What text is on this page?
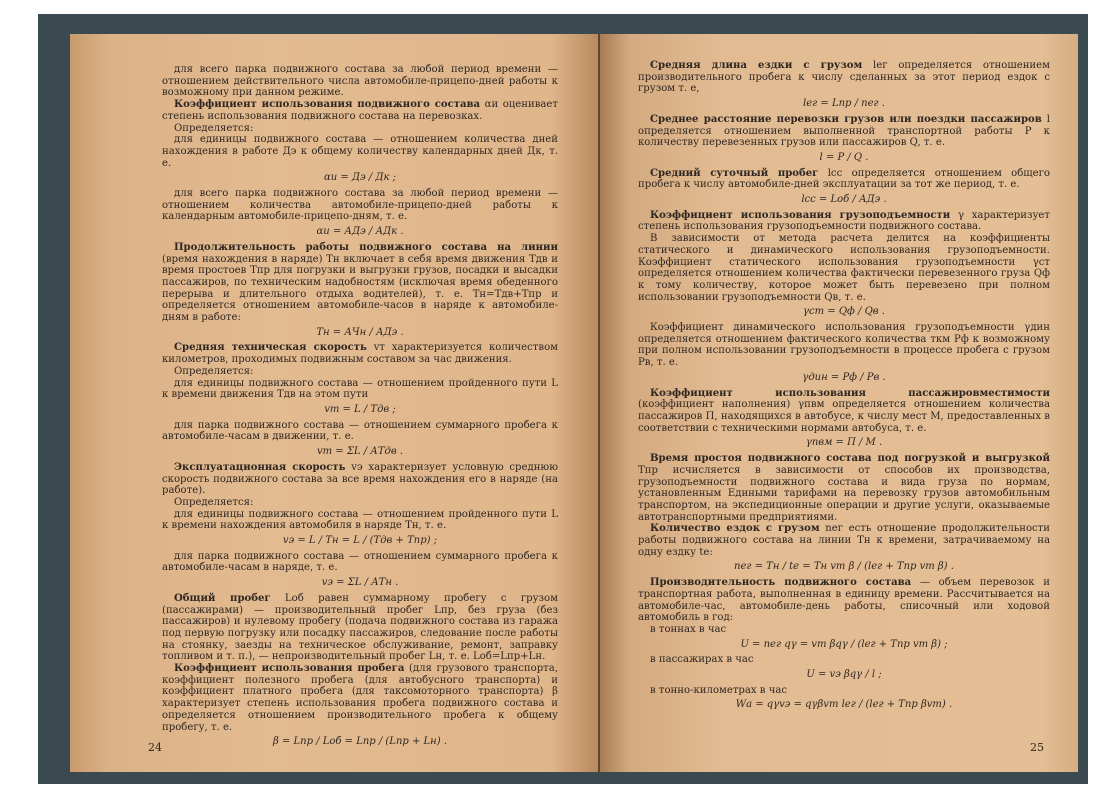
для всего парка подвижного состава за любой период времени — отношением действительного числа автомобиле-прицепо-дней работы к возможному при данном режиме.

Коэффициент использования подвижного состава αи оценивает степень использования подвижного состава на перевозках.

Определяется:

для единицы подвижного состава — отношением количества дней нахождения в работе Дэ к общему количеству календарных дней Дк, т. е.

αи = Дэ / Дк ;

для всего парка подвижного состава за любой период времени — отношением количества автомобиле-прицепо-дней работы к календарным автомобиле-прицепо-дням, т. е.

αи = АДэ / АДк .

Продолжительность работы подвижного состава на линии (время нахождения в наряде) Тн включает в себя время движения Тдв и время простоев Тпр для погрузки и выгрузки грузов, посадки и высадки пассажиров, по техническим надобностям (исключая время обеденного перерыва и длительного отдыха водителей), т. е. Тн=Тдв+Тпр и определяется отношением автомобиле-часов в наряде к автомобиле-дням в работе:

Тн = АЧн / АДэ .

Средняя техническая скорость vт характеризуется количеством километров, проходимых подвижным составом за час движения.

Определяется:

для единицы подвижного состава — отношением пройденного пути L к времени движения Тдв на этом пути

vт = L / Тдв ;

для парка подвижного состава — отношением суммарного пробега к автомобиле-часам в движении, т. е.

vт = ΣL / АТдв .

Эксплуатационная скорость vэ характеризует условную среднюю скорость подвижного состава за все время нахождения его в наряде (на работе).

Определяется:

для единицы подвижного состава — отношением пройденного пути L к времени нахождения автомобиля в наряде Тн, т. е.

vэ = L / Тн = L / (Тдв + Тпр) ;

для парка подвижного состава — отношением суммарного пробега к автомобиле-часам в наряде, т. е.

vэ = ΣL / АТн .

Общий пробег Lоб равен суммарному пробегу с грузом (пассажирами) — производительный пробег Lпр, без груза (без пассажиров) и нулевому пробегу (подача подвижного состава из гаража под первую погрузку или посадку пассажиров, следование после работы на стоянку, заезды на техническое обслуживание, ремонт, заправку топливом и т. п.), — непроизводительный пробег Lн, т. е. Lоб=Lпр+Lн.

Коэффициент использования пробега (для грузового транспорта, коэффициент полезного пробега (для автобусного транспорта) и коэффициент платного пробега (для таксомоторного транспорта) β характеризует степень использования пробега подвижного состава и определяется отношением производительного пробега к общему пробегу, т. е.

β = Lпр / Lоб = Lпр / (Lпр + Lн) .
24

Средняя длина ездки с грузом lег определяется отношением производительного пробега к числу сделанных за этот период ездок с грузом т. е,

lег = Lпр / nег .

Среднее расстояние перевозки грузов или поездки пассажиров l определяется отношением выполненной транспортной работы P к количеству перевезенных грузов или пассажиров Q, т. е.

l = P / Q .

Средний суточный пробег lсс определяется отношением общего пробега к числу автомобиле-дней эксплуатации за тот же период, т. е.

lсс = Lоб / АДэ .

Коэффициент использования грузоподъемности γ характеризует степень использования грузоподъемности подвижного состава.

В зависимости от метода расчета делится на коэффициенты статического и динамического использования грузоподъемности. Коэффициент статического использования грузоподъемности γст определяется отношением количества фактически перевезенного груза Qф к тому количеству, которое может быть перевезено при полном использовании грузоподъемности Qв, т. е.

γст = Qф / Qв .

Коэффициент динамического использования грузоподъемности γдин определяется отношением фактического количества ткм Pф к возможному при полном использовании грузоподъемности в процессе пробега с грузом Pв, т. е.

γдин = Pф / Pв .

Коэффициент использования пассажировместимости (коэффициент наполнения) γпвм определяется отношением количества пассажиров П, находящихся в автобусе, к числу мест М, предоставленных в соответствии с техническими нормами автобуса, т. е.

γпвм = П / М .

Время простоя подвижного состава под погрузкой и выгрузкой Тпр исчисляется в зависимости от способов их производства, грузоподъемности подвижного состава и вида груза по нормам, установленным Едиными тарифами на перевозку грузов автомобильным транспортом, на экспедиционные операции и другие услуги, оказываемые автотранспортными предприятиями.

Количество ездок с грузом nег есть отношение продолжительности работы подвижного состава на линии Тн к времени, затрачиваемому на одну ездку tе:

nег = Тн / tе = Тн vт β / (lег + Тпр vт β) .

Производительность подвижного состава — объем перевозок и транспортная работа, выполненная в единицу времени. Рассчитывается на автомобиле-час, автомобиле-день работы, списочный или ходовой автомобиль в год:

в тоннах в час

U = nег qγ = vт βqγ / (lег + Тпр vт β) ;

в пассажирах в час

U = vэ βqγ / l ;

в тонно-километрах в час

Wа = qγvэ = qγβvт lег / (lег + Тпр βvт) .
25
